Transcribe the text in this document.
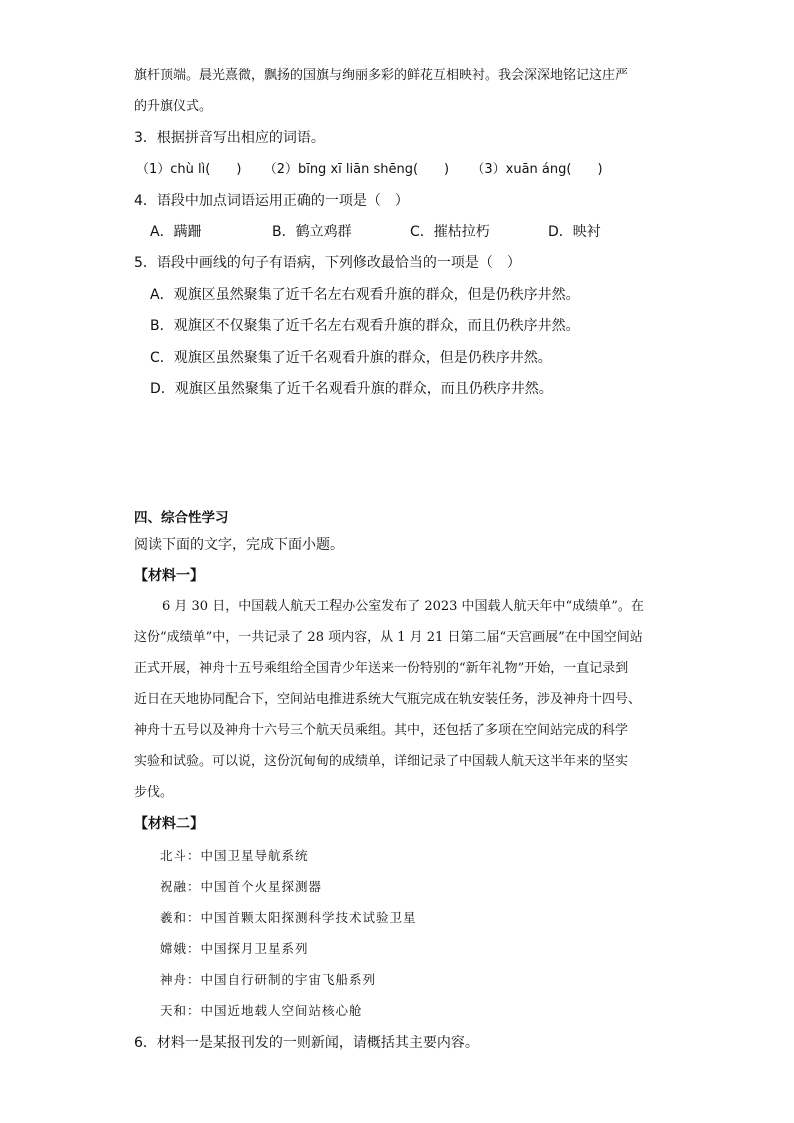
旗杆顶端。晨光熹微，飘扬的国旗与绚丽多彩的鲜花互相映衬。我会深深地铭记这庄严
的升旗仪式。
3．根据拼音写出相应的词语。
（1）chù lì(　　) （2）bīng xī liān shēng(　　) （3）xuān áng(　　)
4．语段中加点词语运用正确的一项是（　）
A．蹒跚	B．鹤立鸡群	C．摧枯拉朽	D．映衬
5．语段中画线的句子有语病，下列修改最恰当的一项是（　）
A．观旗区虽然聚集了近千名左右观看升旗的群众，但是仍秩序井然。
B．观旗区不仅聚集了近千名左右观看升旗的群众，而且仍秩序井然。
C．观旗区虽然聚集了近千名观看升旗的群众，但是仍秩序井然。
D．观旗区虽然聚集了近千名观看升旗的群众，而且仍秩序井然。
四、综合性学习
阅读下面的文字，完成下面小题。
【材料一】
6 月 30 日，中国载人航天工程办公室发布了 2023 中国载人航天年中“成绩单”。在
这份“成绩单”中，一共记录了 28 项内容，从 1 月 21 日第二届“天宫画展”在中国空间站
正式开展，神舟十五号乘组给全国青少年送来一份特别的“新年礼物”开始，一直记录到
近日在天地协同配合下，空间站电推进系统大气瓶完成在轨安装任务，涉及神舟十四号、
神舟十五号以及神舟十六号三个航天员乘组。其中，还包括了多项在空间站完成的科学
实验和试验。可以说，这份沉甸甸的成绩单，详细记录了中国载人航天这半年来的坚实
步伐。
【材料二】
北斗：中国卫星导航系统
祝融：中国首个火星探测器
羲和：中国首颗太阳探测科学技术试验卫星
嫦娥：中国探月卫星系列
神舟：中国自行研制的宇宙飞船系列
天和：中国近地载人空间站核心舱
6．材料一是某报刊发的一则新闻，请概括其主要内容。
